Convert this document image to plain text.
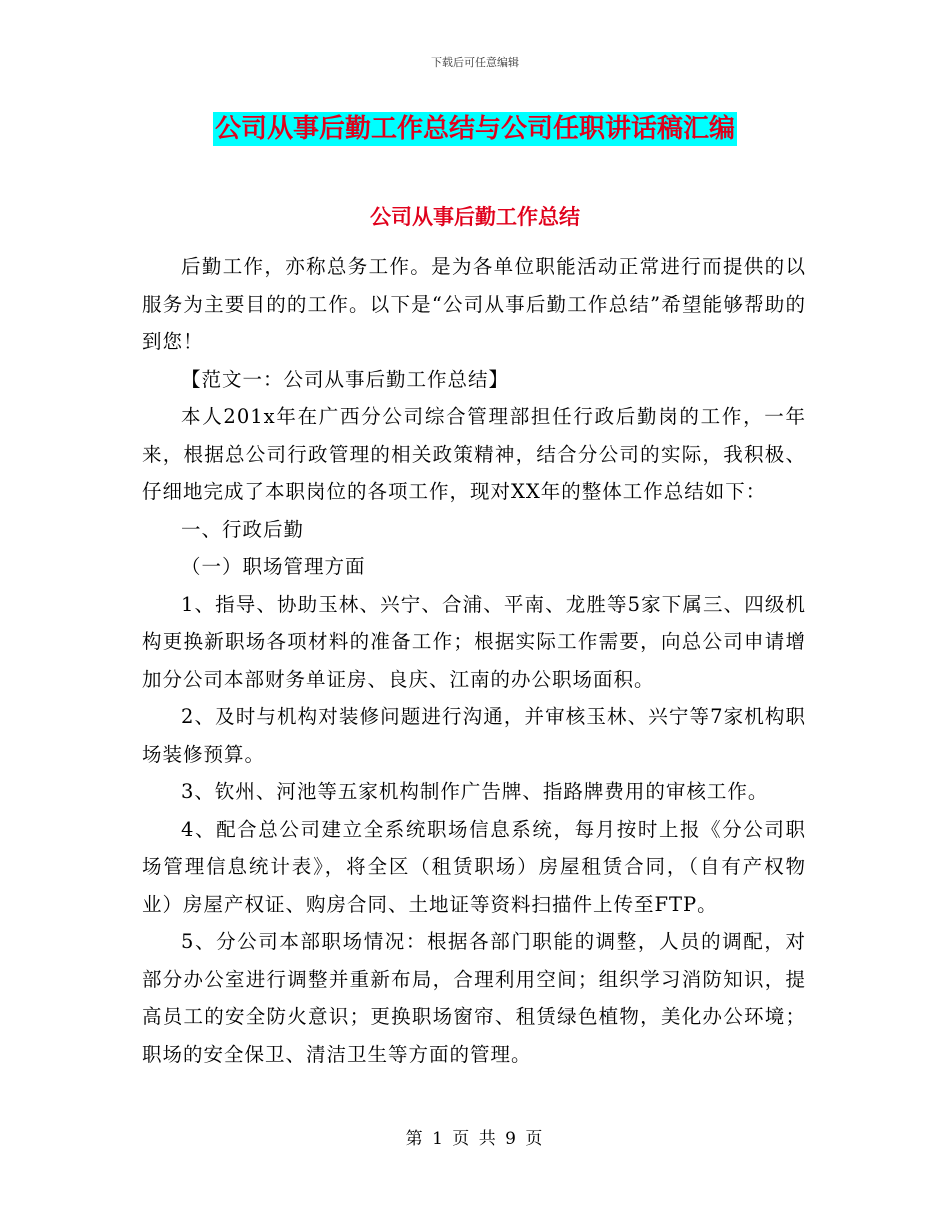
下载后可任意编辑
公司从事后勤工作总结与公司任职讲话稿汇编
公司从事后勤工作总结

后勤工作，亦称总务工作。是为各单位职能活动正常进行而提供的以服务为主要目的的工作。以下是“公司从事后勤工作总结”希望能够帮助的到您！

【范文一：公司从事后勤工作总结】

本人201x年在广西分公司综合管理部担任行政后勤岗的工作，一年来，根据总公司行政管理的相关政策精神，结合分公司的实际，我积极、仔细地完成了本职岗位的各项工作，现对XX年的整体工作总结如下：

一、行政后勤

（一）职场管理方面

1、指导、协助玉林、兴宁、合浦、平南、龙胜等5家下属三、四级机构更换新职场各项材料的准备工作；根据实际工作需要，向总公司申请增加分公司本部财务单证房、良庆、江南的办公职场面积。

2、及时与机构对装修问题进行沟通，并审核玉林、兴宁等7家机构职场装修预算。

3、钦州、河池等五家机构制作广告牌、指路牌费用的审核工作。

4、配合总公司建立全系统职场信息系统，每月按时上报《分公司职场管理信息统计表》，将全区（租赁职场）房屋租赁合同，（自有产权物业）房屋产权证、购房合同、土地证等资料扫描件上传至FTP。

5、分公司本部职场情况：根据各部门职能的调整，人员的调配，对部分办公室进行调整并重新布局，合理利用空间；组织学习消防知识，提高员工的安全防火意识；更换职场窗帘、租赁绿色植物，美化办公环境；职场的安全保卫、清洁卫生等方面的管理。

第 1 页 共 9 页
